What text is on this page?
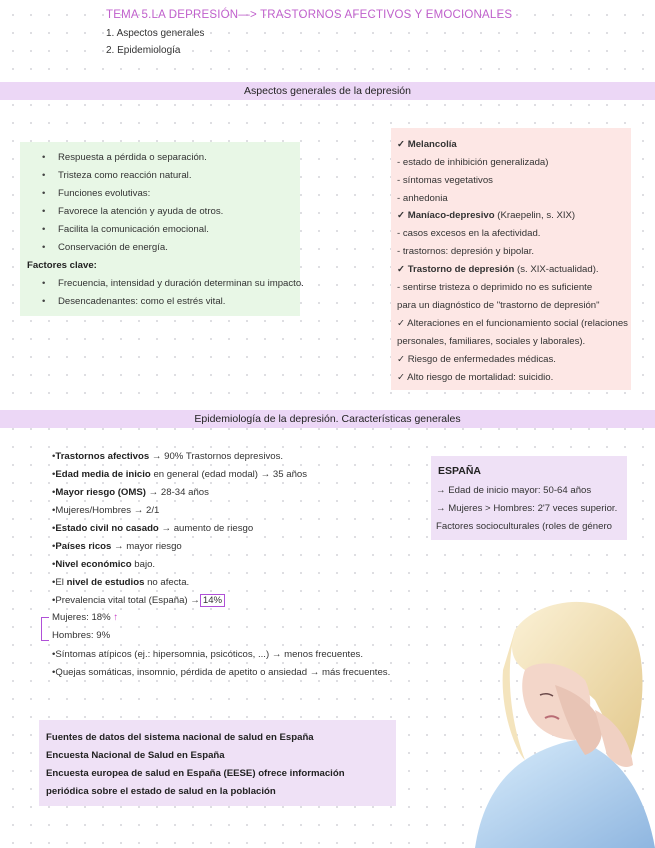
TEMA 5.LA DEPRESIÓN—> TRASTORNOS AFECTIVOS Y EMOCIONALES
1. Aspectos generales
2. Epidemiología
Aspectos generales de la depresión
• Respuesta a pérdida o separación.
• Tristeza como reacción natural.
• Funciones evolutivas:
• Favorece la atención y ayuda de otros.
• Facilita la comunicación emocional.
• Conservación de energía.
Factores clave:
• Frecuencia, intensidad y duración determinan su impacto.
• Desencadenantes: como el estrés vital.
✓ Melancolía
- estado de inhibición generalizada)
- síntomas vegetativos
- anhedonia
✓ Maníaco-depresivo (Kraepelin, s. XIX)
- casos excesos en la afectividad.
- trastornos: depresión y bipolar.
✓ Trastorno de depresión (s. XIX-actualidad).
- sentirse tristeza o deprimido no es suficiente
para un diagnóstico de "trastorno de depresión"
✓ Alteraciones en el funcionamiento social (relaciones
personales, familiares, sociales y laborales).
✓ Riesgo de enfermedades médicas.
✓ Alto riesgo de mortalidad: suicidio.
Epidemiología de la depresión. Características generales
•Trastornos afectivos → 90% Trastornos depresivos.
•Edad media de inicio en general (edad modal) → 35 años
•Mayor riesgo (OMS) → 28-34 años
•Mujeres/Hombres → 2/1
•Estado civil no casado → aumento de riesgo
•Países ricos → mayor riesgo
•Nivel económico bajo.
•El nivel de estudios no afecta.
•Prevalencia vital total (España) → 14%
Mujeres: 18% ↑
Hombres: 9%
•Síntomas atípicos (ej.: hipersomnia, psicóticos, ...) → menos frecuentes.
•Quejas somáticas, insomnio, pérdida de apetito o ansiedad → más frecuentes.
ESPAÑA
→ Edad de inicio mayor: 50-64 años
→ Mujeres > Hombres: 2'7 veces superior.
Factores socioculturales (roles de género
Fuentes de datos del sistema nacional de salud en España
Encuesta Nacional de Salud en España
Encuesta europea de salud en España (EESE) ofrece información
periódica sobre el estado de salud en la población
